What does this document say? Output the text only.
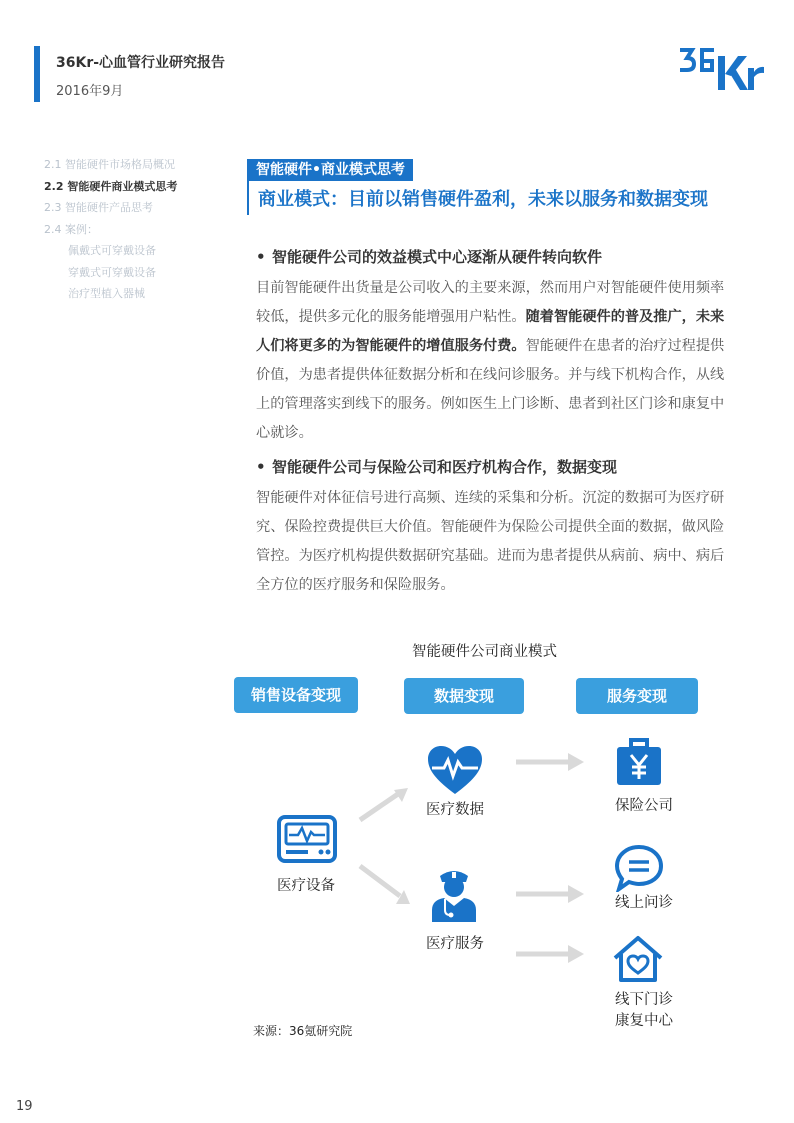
36Kr-心血管行业研究报告
2016年9月
2.1 智能硬件市场格局概况
2.2 智能硬件商业模式思考
2.3 智能硬件产品思考
2.4 案例：
佩戴式可穿戴设备
穿戴式可穿戴设备
治疗型植入器械
智能硬件•商业模式思考
商业模式：目前以销售硬件盈利，未来以服务和数据变现
• 智能硬件公司的效益模式中心逐渐从硬件转向软件
目前智能硬件出货量是公司收入的主要来源，然而用户对智能硬件使用频率较低，提供多元化的服务能增强用户粘性。随着智能硬件的普及推广，未来人们将更多的为智能硬件的增值服务付费。智能硬件在患者的治疗过程提供价值，为患者提供体征数据分析和在线问诊服务。并与线下机构合作，从线上的管理落实到线下的服务。例如医生上门诊断、患者到社区门诊和康复中心就诊。
• 智能硬件公司与保险公司和医疗机构合作，数据变现
智能硬件对体征信号进行高频、连续的采集和分析。沉淀的数据可为医疗研究、保险控费提供巨大价值。智能硬件为保险公司提供全面的数据，做风险管控。为医疗机构提供数据研究基础。进而为患者提供从病前、病中、病后全方位的医疗服务和保险服务。
智能硬件公司商业模式
销售设备变现	数据变现	服务变现
医疗设备
医疗数据
医疗服务
保险公司
线上问诊
线下门诊
康复中心
来源：36氪研究院
19
